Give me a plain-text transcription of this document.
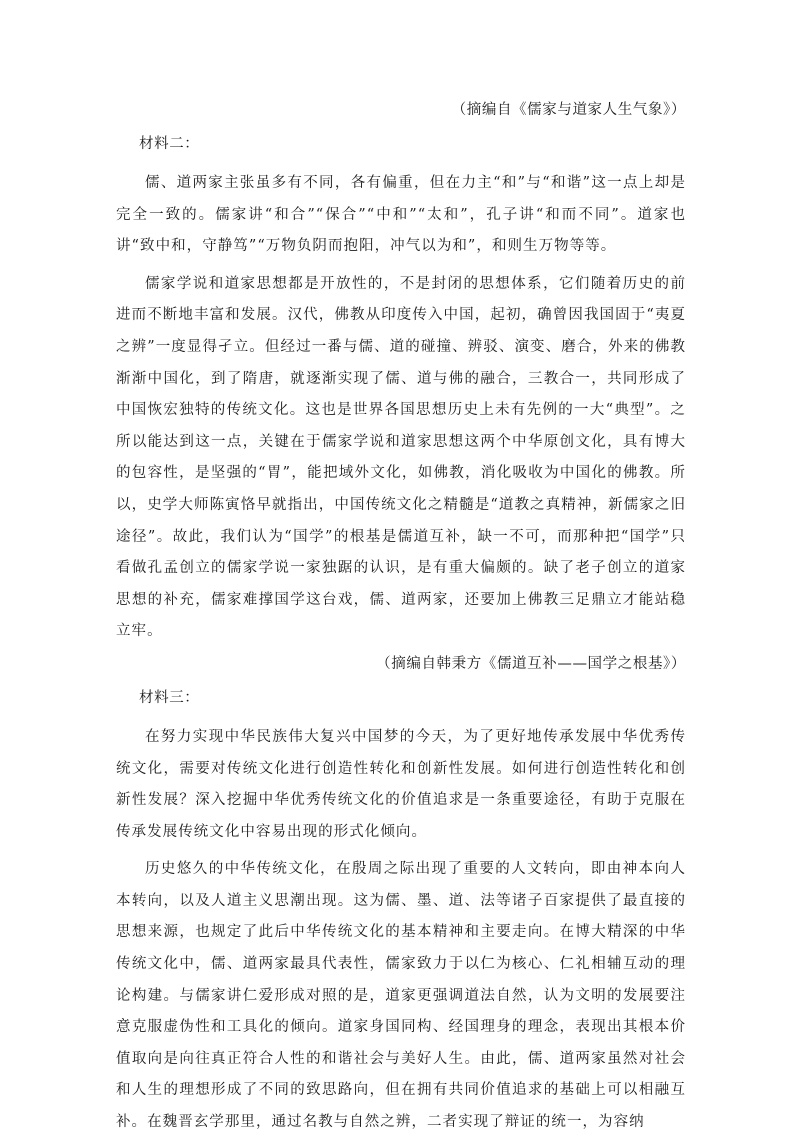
（摘编自《儒家与道家人生气象》）

材料二：

儒、道两家主张虽多有不同，各有偏重，但在力主“和”与“和谐”这一点上却是完全一致的。儒家讲“和合”“保合”“中和”“太和”，孔子讲“和而不同”。道家也讲“致中和，守静笃”“万物负阴而抱阳，冲气以为和”，和则生万物等等。

儒家学说和道家思想都是开放性的，不是封闭的思想体系，它们随着历史的前进而不断地丰富和发展。汉代，佛教从印度传入中国，起初，确曾因我国固于“夷夏之辨”一度显得孑立。但经过一番与儒、道的碰撞、辨驳、演变、磨合，外来的佛教渐渐中国化，到了隋唐，就逐渐实现了儒、道与佛的融合，三教合一，共同形成了中国恢宏独特的传统文化。这也是世界各国思想历史上未有先例的一大“典型”。之所以能达到这一点，关键在于儒家学说和道家思想这两个中华原创文化，具有博大的包容性，是坚强的“胃”，能把域外文化，如佛教，消化吸收为中国化的佛教。所以，史学大师陈寅恪早就指出，中国传统文化之精髓是“道教之真精神，新儒家之旧途径”。故此，我们认为“国学”的根基是儒道互补，缺一不可，而那种把“国学”只看做孔孟创立的儒家学说一家独踞的认识，是有重大偏颇的。缺了老子创立的道家思想的补充，儒家难撑国学这台戏，儒、道两家，还要加上佛教三足鼎立才能站稳立牢。

（摘编自韩秉方《儒道互补——国学之根基》）

材料三：

在努力实现中华民族伟大复兴中国梦的今天，为了更好地传承发展中华优秀传统文化，需要对传统文化进行创造性转化和创新性发展。如何进行创造性转化和创新性发展？深入挖掘中华优秀传统文化的价值追求是一条重要途径，有助于克服在传承发展传统文化中容易出现的形式化倾向。

历史悠久的中华传统文化，在殷周之际出现了重要的人文转向，即由神本向人本转向，以及人道主义思潮出现。这为儒、墨、道、法等诸子百家提供了最直接的思想来源，也规定了此后中华传统文化的基本精神和主要走向。在博大精深的中华传统文化中，儒、道两家最具代表性，儒家致力于以仁为核心、仁礼相辅互动的理论构建。与儒家讲仁爱形成对照的是，道家更强调道法自然，认为文明的发展要注意克服虚伪性和工具化的倾向。道家身国同构、经国理身的理念，表现出其根本价值取向是向往真正符合人性的和谐社会与美好人生。由此，儒、道两家虽然对社会和人生的理想形成了不同的致思路向，但在拥有共同价值追求的基础上可以相融互补。在魏晋玄学那里，通过名教与自然之辨，二者实现了辩证的统一，为容纳
